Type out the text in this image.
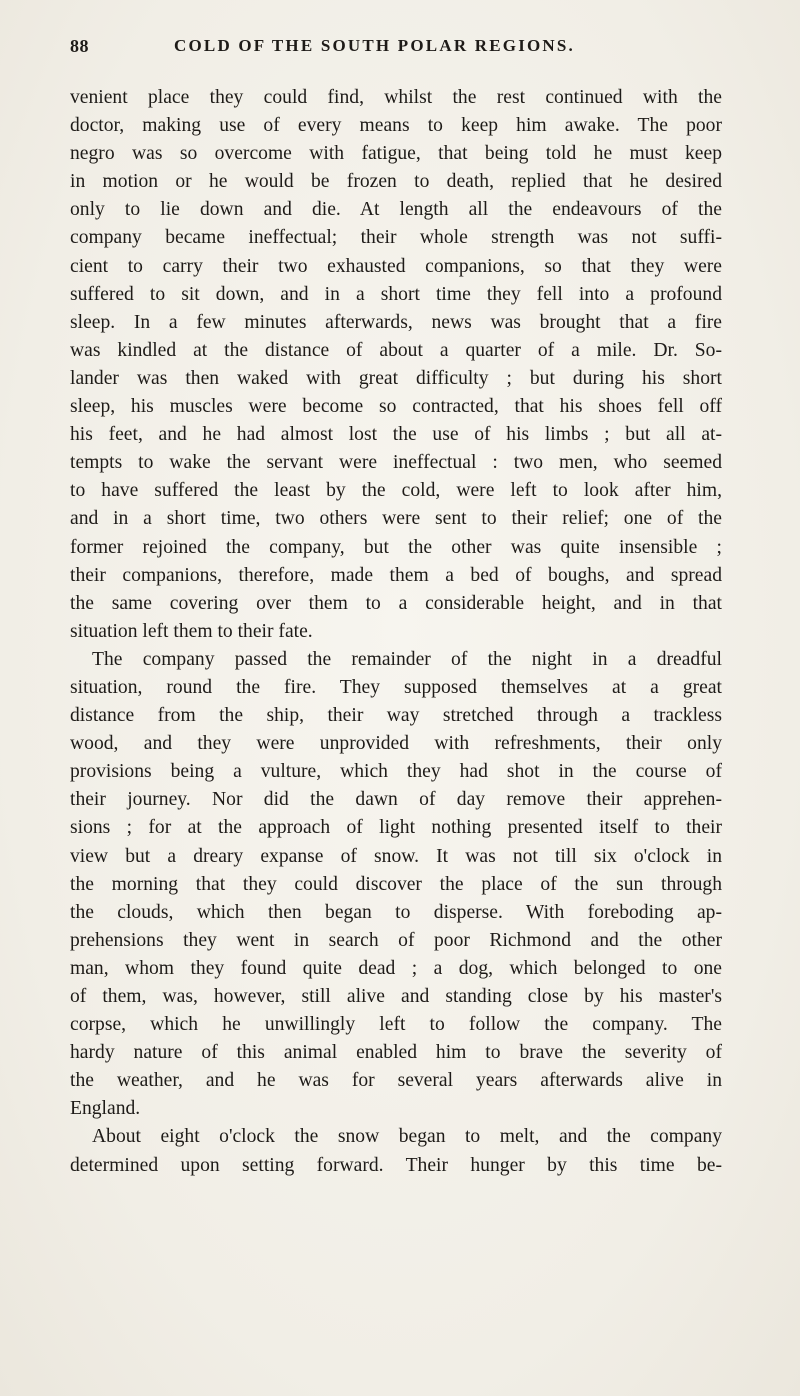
88	COLD OF THE SOUTH POLAR REGIONS.
venient place they could find, whilst the rest continued with the
doctor, making use of every means to keep him awake. The poor
negro was so overcome with fatigue, that being told he must keep
in motion or he would be frozen to death, replied that he desired
only to lie down and die. At length all the endeavours of the
company became ineffectual; their whole strength was not suffi-
cient to carry their two exhausted companions, so that they were
suffered to sit down, and in a short time they fell into a profound
sleep. In a few minutes afterwards, news was brought that a fire
was kindled at the distance of about a quarter of a mile. Dr. So-
lander was then waked with great difficulty ; but during his short
sleep, his muscles were become so contracted, that his shoes fell off
his feet, and he had almost lost the use of his limbs ; but all at-
tempts to wake the servant were ineffectual : two men, who seemed
to have suffered the least by the cold, were left to look after him,
and in a short time, two others were sent to their relief; one of the
former rejoined the company, but the other was quite insensible ;
their companions, therefore, made them a bed of boughs, and spread
the same covering over them to a considerable height, and in that
situation left them to their fate.
The company passed the remainder of the night in a dreadful
situation, round the fire. They supposed themselves at a great
distance from the ship, their way stretched through a trackless
wood, and they were unprovided with refreshments, their only
provisions being a vulture, which they had shot in the course of
their journey. Nor did the dawn of day remove their apprehen-
sions ; for at the approach of light nothing presented itself to their
view but a dreary expanse of snow. It was not till six o'clock in
the morning that they could discover the place of the sun through
the clouds, which then began to disperse. With foreboding ap-
prehensions they went in search of poor Richmond and the other
man, whom they found quite dead ; a dog, which belonged to one
of them, was, however, still alive and standing close by his master's
corpse, which he unwillingly left to follow the company. The
hardy nature of this animal enabled him to brave the severity of
the weather, and he was for several years afterwards alive in
England.
About eight o'clock the snow began to melt, and the company
determined upon setting forward. Their hunger by this time be-
